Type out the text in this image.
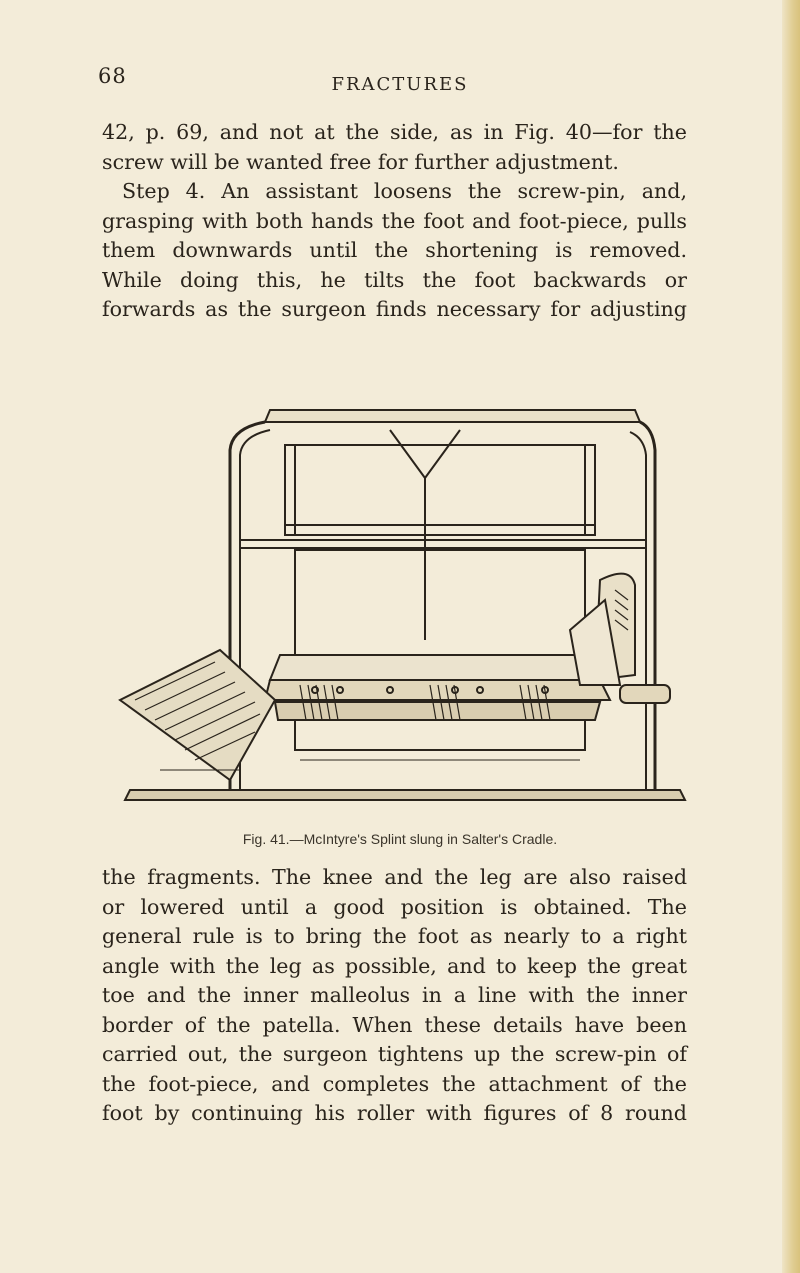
68	FRACTURES
42, p. 69, and not at the side, as in Fig. 40—for the
screw will be wanted free for further adjustment.
Step 4. An assistant loosens the screw-pin, and,
grasping with both hands the foot and foot-piece, pulls
them downwards until the shortening is removed.
While doing this, he tilts the foot backwards or
forwards as the surgeon finds necessary for adjusting
Fig. 41.—McIntyre's Splint slung in Salter's Cradle.
the fragments. The knee and the leg are also raised
or lowered until a good position is obtained. The
general rule is to bring the foot as nearly to a right
angle with the leg as possible, and to keep the great
toe and the inner malleolus in a line with the inner
border of the patella. When these details have been
carried out, the surgeon tightens up the screw-pin of
the foot-piece, and completes the attachment of the
foot by continuing his roller with figures of 8 round
